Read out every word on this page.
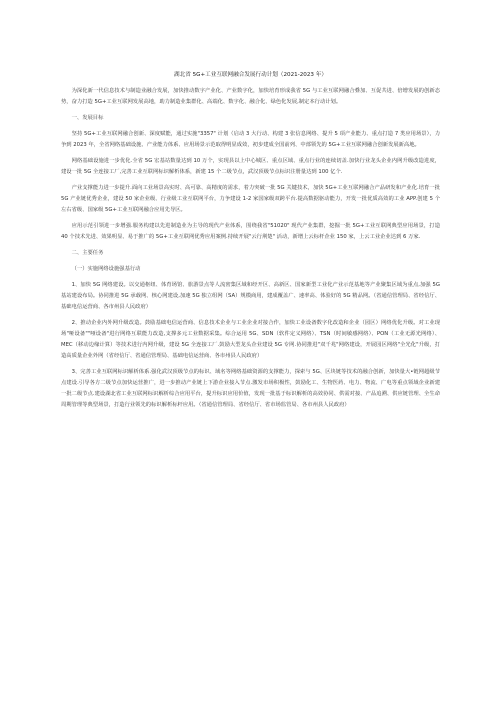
湖北省 5G+工业互联网融合发展行动计划（2021-2023 年）

为深化新一代信息技术与制造业融合发展，加快推动数字产业化、产业数字化，加快培育形成我省 5G 与工业互联网融合叠加、互促共进、倍增发展的创新态势，奋力打造 5G+工业互联网发展高地，助力制造业集群化、高端化、数字化、融合化、绿色化发展,制定本行动计划。

一、发展目标

坚持 5G+工业互联网融合创新、深度赋能，通过实施"3357" 计划（启动 3 大行动、构建 3 张信息网络、提升 5 项产业能力、重点打造 7 类应用场景），力争到 2023 年，全省网络基础设施、产业能力体系、应用场景示范取得明显成效，初步建成全国前列、中部领先的 5G+工业互联网融合创新发展新高地。

网络基础设施进一步优化.全省 5G 宏基站数量达到 10 万个，实现县以上中心城区、重点区域、重点行业的连续切盖.加快行业龙头企业内网升级改造进度，建设一批 5G 全连接工厂,完善工业互联网标识解析体系，新建 15 个二级节点，武汉顶级节点标识注册量达到 100 亿个.

产业支撑能力进一步提升.面向工业场景高实时、高可靠、高精度的需求，着力突破一批 5G 关键技术，加快 5G+工业互联网融合产品研发和产业化.培育一批 5G 产业链优秀企业，建设 50 家企业级、行业级工业互联网平台，力争建设 1-2 家国家级双跨平台.提高数据驱动能力，开发一批优质高效的工业 APP.创建 5 个左右省级、国家级 5G+工业互联网融合应用先导区。

应用示范引领进一步增强.服务构建以先进制造业为主导的现代产业体系，围绕我省"51020" 现代产业集群，挖掘一批 5G+工业互联网典型应用场景，打造 40 个技术先进、效果明显、易于推广的 5G+工业互联网优秀应用案例.持续开展"云行荆楚" 活动，新增上云标杆企业 150 家，上云工业企业达到 6 万家.

二、主要任务

（一）实施网络设施强基行动

1、加快 5G 网络建设。以交通枢纽、体育场馆、旅游景点等人流密集区域和经开区、高新区、国家新型工业化产业示范基地等产业聚集区域为重点,加强 5G 基站建设布局。协同推进 5G 承载网、核心网建设,加速 5G 独立组网（SA）规模商用，建成覆盖广、速率高、体验好的 5G 精品网。（省通信管理局、省经信厅、基础电信运营商、各市州县人民政府）

2、推动企业内外网升级改造。鼓励基础电信运营商、信息技术企业与工业企业对接合作，加快工业设备数字化改造和企业（园区）网络优化升级。对工业现场"哑设备""哑设备"进行网络互联能力改造,支撑多元工业数据采集。综合运用 5G、SDN（软件定义网络）、TSN（时间敏感网络）、PON（工业无源光网络）、MEC（移动边缘计算）等技术进行内网升级，建设 5G 全连接工厂.鼓励大型龙头企业建设 5G 专网.协同推进"双千兆"网络建设，开展园区网络"全光化"升级，打造高质量企业外网（省经信厅、省通信管理局、基础电信运营商、各市州县人民政府）

3、完善工业互联网标识解析体系.强化武汉顶级节点的标识、域名等网络基础资源的支撑能力，探索与 5G、区块链等技术的融合创新，加快量大•链网超级节点建设.引导各方二级节点加快运营推广，进一步推动产业链上下游企业接入节点.激发市场积极性，鼓励化工、生物医药、电力、物流、广电等重点领域企业新建一批二级节点.建设湖北省工业互联网标识解析综合应用平台，提升标识应用价值，发现一批基于标识解析的高效协同、供需对接、产品追溯、供应链管理、全生命周期管理等典型场景，打造行业领先的标识解析标杆应用。（省通信管理局、省经信厅、省市场监管局、各市州县人民政府）
